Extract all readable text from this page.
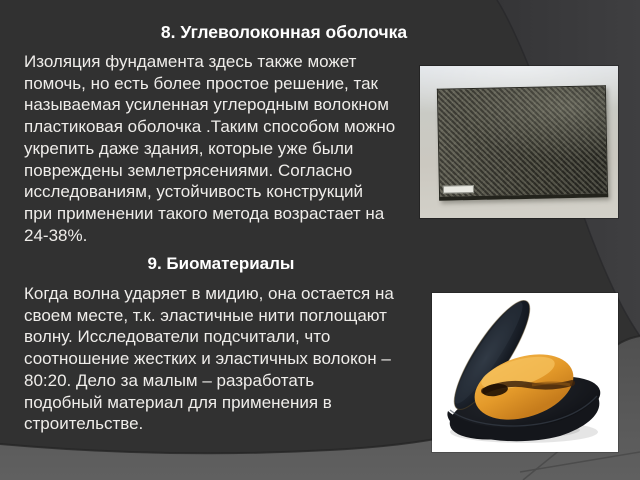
8. Углеволоконная оболочка
Изоляция фундамента здесь также может
помочь, но есть более простое решение, так
называемая усиленная углеродным волокном
пластиковая оболочка .Таким способом можно
укрепить даже здания, которые уже были
повреждены землетрясениями. Согласно
исследованиям, устойчивость конструкций
при применении такого метода возрастает на
24-38%.
9. Биоматериалы
Когда волна ударяет в мидию, она остается на
своем месте, т.к. эластичные нити поглощают
волну. Исследователи подсчитали, что
соотношение жестких и эластичных волокон –
80:20. Дело за малым – разработать
подобный материал для применения в
строительстве.
